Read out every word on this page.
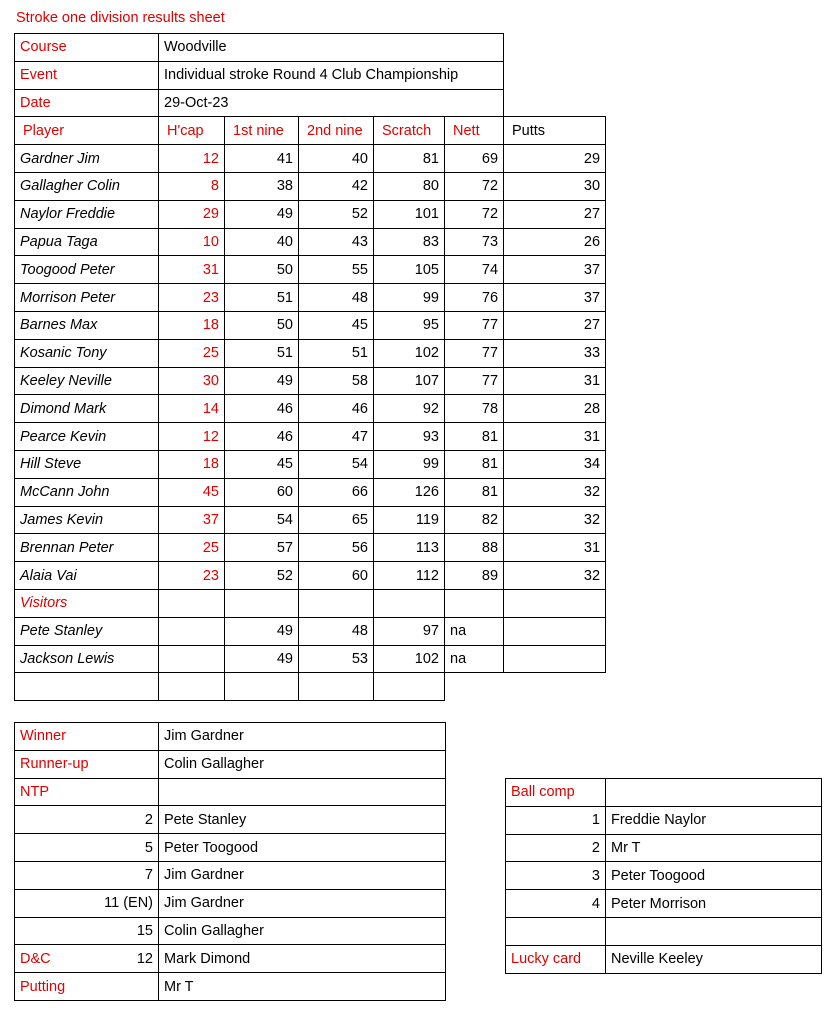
Stroke one division results sheet
Course	Woodville					
Event	Individual stroke Round 4 Club Championship					
Date	29-Oct-23					
Player	H'cap	1st nine	2nd nine	Scratch	Nett	Putts
Gardner Jim	12	41	40	81	69	29
Gallagher Colin	8	38	42	80	72	30
Naylor Freddie	29	49	52	101	72	27
Papua Taga	10	40	43	83	73	26
Toogood Peter	31	50	55	105	74	37
Morrison Peter	23	51	48	99	76	37
Barnes Max	18	50	45	95	77	27
Kosanic Tony	25	51	51	102	77	33
Keeley Neville	30	49	58	107	77	31
Dimond Mark	14	46	46	92	78	28
Pearce Kevin	12	46	47	93	81	31
Hill Steve	18	45	54	99	81	34
McCann John	45	60	66	126	81	32
James Kevin	37	54	65	119	82	32
Brennan Peter	25	57	56	113	88	31
Alaia Vai	23	52	60	112	89	32
Visitors						
Pete Stanley		49	48	97	na	
Jackson Lewis		49	53	102	na	

Winner	Jim Gardner
Runner-up	Colin Gallagher
NTP	
2	Pete Stanley
5	Peter Toogood
7	Jim Gardner
11 (EN)	Jim Gardner
15	Colin Gallagher
D&C 12	Mark Dimond
Putting	Mr T
Ball comp	
1	Freddie Naylor
2	Mr T
3	Peter Toogood
4	Peter Morrison

Lucky card	Neville Keeley
